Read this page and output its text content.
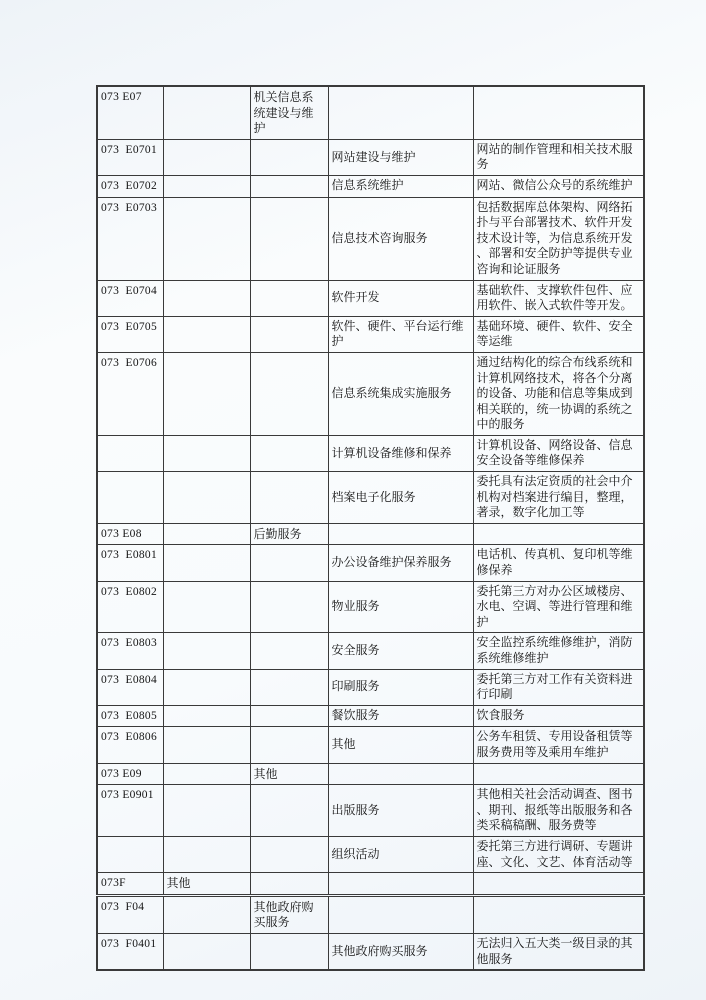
073 E07		机关信息系统建设与维护		
073  E0701			网站建设与维护	网站的制作管理和相关技术服务
073  E0702			信息系统维护	网站、微信公众号的系统维护
073  E0703			信息技术咨询服务	包括数据库总体架构、网络拓扑与平台部署技术、软件开发技术设计等，为信息系统开发、部署和安全防护等提供专业咨询和论证服务
073  E0704			软件开发	基础软件、支撑软件包件、应用软件、嵌入式软件等开发。
073  E0705			软件、硬件、平台运行维护	基础环境、硬件、软件、安全等运维
073  E0706			信息系统集成实施服务	通过结构化的综合布线系统和计算机网络技术，将各个分离的设备、功能和信息等集成到相关联的，统一协调的系统之中的服务
			计算机设备维修和保养	计算机设备、网络设备、信息安全设备等维修保养
			档案电子化服务	委托具有法定资质的社会中介机构对档案进行编目，整理，著录，数字化加工等
073 E08		后勤服务		
073  E0801			办公设备维护保养服务	电话机、传真机、复印机等维修保养
073  E0802			物业服务	委托第三方对办公区域楼房、水电、空调、等进行管理和维护
073  E0803			安全服务	安全监控系统维修维护，消防系统维修维护
073  E0804			印刷服务	委托第三方对工作有关资料进行印刷
073  E0805			餐饮服务	饮食服务
073  E0806			其他	公务车租赁、专用设备租赁等服务费用等及乘用车维护
073 E09		其他		
073 E0901			出版服务	其他相关社会活动调查、图书、期刊、报纸等出版服务和各类采稿稿酬、服务费等
			组织活动	委托第三方进行调研、专题讲座、文化、文艺、体育活动等
073F	其他			
073  F04		其他政府购买服务		
073  F0401			其他政府购买服务	无法归入五大类一级目录的其他服务
